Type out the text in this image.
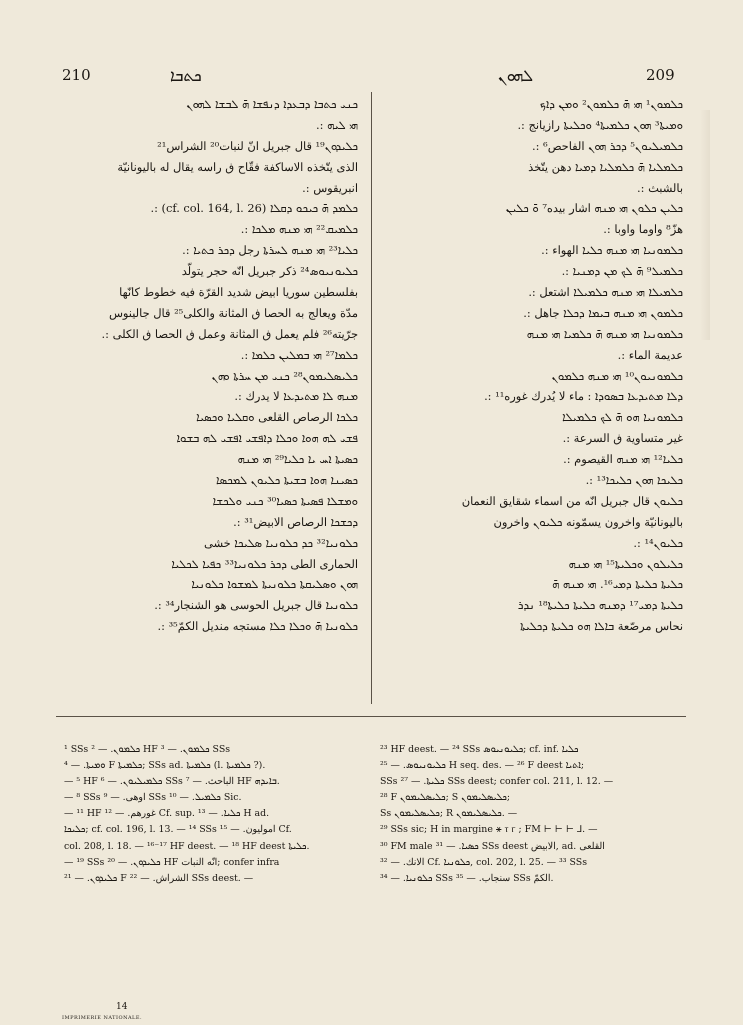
210	ܟܬܒܐ	ܠܗܘܢ	209
ܟܢܝ ܟܬܒܐ ܕܒܥܕܐ ܕܢܦܫܐ ܗ̄ ܠܒܫܐ ܠܗܘܢ
ܗܝ ܠܝܗ :.
ܟܠܝܕܘܢ¹⁹ قال جبريل انّ لنبات²⁰ الشراس²¹
الذى يتّخذه الاساكفة فقّاح ڧ راسه يقال له باليونانيّة
انبريقوس :.
ܟܠܡܕ ܗ̄ ܟܝܟܘ ܕܩܠܐ (cf. col. 164, l. 26) :.
ܟܠܡܝܩ²² ܗܝ ܡܢܗ ܡܠܟܐ :.
ܟܠܝܐ²³ ܗܝ ܡܢܗ ܠܚܪܬܐ رجل ܕܟܪ ܟܬܝܐ :.
ܟܠܝܘܢܝܘܣ²⁴ ذكر جبريل انّه حجر يتولّد
بفلسطين سوريا ابيض شديد القرّة فيه خطوط كانّها
مدّة ويعالج به الحصا ڧ المثانة والكلى²⁵ قال جالينوس
جرّيته²⁶ فلم يعمل ڧ المثانة وعمل ڧ الحصا ڧ الكلى :.
ܟܠܡܐ²⁷ ܗܝ ܒܡܠܝܢ ܟܠܡܐ :.
ܟܠܝܣܠܝܡܘܢ²⁸ ܟܢܝ ܡܢ ܚܪܬܐ ܘܗܢ
ܡܢܗ ܠܐ ܡܬܝܕܥܐ لا يدرك :.
ܟܠܟܐ الرصاص القلعى ܘܩܠܝܐ ܘܟܣܝܐ
ܦܫܝ ܠܗ ܗܘܐ ܘܟܠܐ ܕܐܦܫܝ ܐܦܫܝ ܠܗ ܒܫܘܐ
ܟܣܝܬܐ ܐܚ ܝܐ ܟܠܝܐ²⁹ ܗܝ ܡܢܗ
ܟܣܝܢܐ ܗܘܐ ܒܫܝܬܐ ܟܠܝܘܢ ܠܡܟܣܐ
ܘܡܫܠܐ ܦܣܝܬܐ ܟܣܝܐ³⁰ ܟܢܝ ܘܠܟܫܐ
ܕܟܫܟܐ الرصاص الابيض³¹ :.
ܟܠܘܢܝܐ³² ܟܕ ܟܠܘܢܝܐ ܣܠܝܟܐ خشى
الحمارى الطى ܕܟܪ ܟܠܘܢܝܐ³³ ܟܦܝܐ ܠܟܠܝܐ
ܗܘܢ ܘܣܠܝܩܬܐ ܟܠܘܢܝܬܐ ܠܡܫܘܐ ܟܠܘܢܝܐ
ܟܠܘܢܝܐ قال جبريل الحوسى هو الشنجار³⁴ :.
ܟܠܘܢܝܐ ܗ̄ ܘܟܠܐ ܟܠܐ مستجه منديل الكمّ³⁵ :.
ܟܠܡܘܢ¹ ܗܝ ܗ̄ ܟܠܡܘܢ² ܘܡܢ ܕܐܟ
ܘܡܝܬܐ³ ܗܘܢ ܟܠܡܝܬܐ⁴ ܘܟܠܝܬܐ رازيانج :.
ܟܠܡܝܠܝܘܢ⁵ ܕܟܪ ܗܘܢ الفاحص⁶ :.
ܟܠܡܠܝܐ ܗ̄ ܟܠܡܠܝܐ ܕܡܝܐ دهن يتّخذ
بالشبث :.
ܟܠܝܢ ܟܠܘܢ ܗܝ ܡܢܗ اشار بيده⁷ ܘ̄ ܟܠܝܢ
هزّ⁸ واوما واوبا :.
ܟܠܡܘܢܝܐ ܗܝ ܡܢܗ ܟܠܝܐ الهواء :.
ܟܠܡܝܠ⁹ ܗ̄ ܠܟ ܡܢ ܕܡܢܝܐ :.
ܟܠܡܝܠܐ ܗܝ ܡܢܗ ܟܠܡܝܠܐ اشتعل :.
ܟܠܡܘܢ ܗܝ ܡܢܗ ܒܝܡܐ ܕܟܠܐ جاهل :.
ܟܠܡܘܢܝܐ ܗܝ ܡܢܗ ܗ̄ ܟܠܡܝܐ ܗܝ ܡܢܗ
عديمة الماء :.
ܟܠܡܘܢܝܘܢ¹⁰ ܗܝ ܡܢܗ ܟܠܡܘܢ
ܕܠܐ ܡܬܝܕܥܐ ܒܣܘܕܐ : ماء لا يُدرك غوره¹¹ :.
ܟܠܡܘܢܝܐ ܗܘ ܗ̄ ܠܟ ܟܠܡܝܠܐ
غير متساوية ڧ السرعة :.
ܟܠܝܐ¹² ܗܝ ܡܢܗ القيصوم :.
ܟܠܝܟܐ ܗܘܢ ܟܠܝܟܐ¹³ :.
ܟܠܝܘܢ قال جبريل انّه من اسماء شقايق النعمان
باليونانيّة واخرون يسمّونه ܟܠܝܘܢ واخرون
ܟܠܝܘܢ¹⁴ :.
ܟܠܝܠܘܢ ܘܟܠܝܬܐ¹⁵ ܗܝ ܡܢܗ
ܟܠܝܬܐ ܟܠܝܬܐ ܕܡܝ¹⁶. ܗܝ ܡܢܗ ܗ̄
ܟܠܝܬܐ ܕܡܝ¹⁷ ܕܡܢܗ ܟܠܝܬܐ ܟܠܝܬܐ¹⁸ ܢܕܪ
نحاس مرصّعة ܒܐܠܐ ܗܘ ܟܠܝܬܐ ܕܟܠܝܬܐ
¹ SSs ܟܠܡܘܢ. — ² HF ܟܠܡܘܢ. — ³ SSs
ܘܡܝܬܐ. — ⁴ F ܟܠܡܝܬܐ; SSs ad. ܟܠܡܝܬܐ (l. ܟܠܡܝܬܐ ?).
— ⁵ HF ܟܠܡܝܠܝܘܢ. — ⁶ SSs الباحث. — ⁷ HF ܒܐܝܕܗ.
— ⁸ SSs اوهى. — ⁹ SSs ܟܠܡܝܠ. — ¹⁰ Sic.
— ¹¹ HF غورهم. — ¹² Cf. sup. ܟܠܝܐ. — ¹³ H ad.
ܟܠܝܟܐ; cf. col. 196, l. 13. — ¹⁴ SSs اموليون. — ¹⁵ Cf.
col. 208, l. 18. — ¹⁶⁻¹⁷ HF deest. — ¹⁸ HF deest ܟܠܝܬܐ.
— ¹⁹ SSs ܟܠܝܕܘܢ. — ²⁰ HF انّه النبات; confer infra
ܟܠܝܕܘܢ. — ²¹ F الشراش. — ²² SSs deest. —
²³ HF deest. — ²⁴ SSs ܟܠܝܘܢܝܘܣ; cf. inf. ܟܠܝܐ
ܟܠܝܘܢܝܘܣ. — ²⁵ H seq. des. — ²⁶ F deest ܐܬܝܐ;
SSs ܟܠܝܬܐ. — ²⁷ SSs deest; confer col. 211, l. 12. —
²⁸ F ܟܠܝܣܠܝܡܘܢ; S ܟܠܝܣܠܝܡܘܢ;
Ss ܟܠܝܣܠܝܡܘܢ; R ܟܠܝܣܠܝܡܘܢ. —
²⁹ SSs sic; H in margine ⚹ ⲧ ⲅ ; FM ⊢ ⊢ ⊢ ⅃. —
³⁰ FM male ܟܣܝܐ. — ³¹ SSs deest الابيض, ad. القلعى
الانك. — ³² Cf. ܟܠܘܢܝܐ, col. 202, l. 25. — ³³ SSs
ܟܠܘܢܝܐ. — ³⁴ SSs سنجاب. — ³⁵ SSs الكمّ.
14
IMPRIMERIE NATIONALE.
